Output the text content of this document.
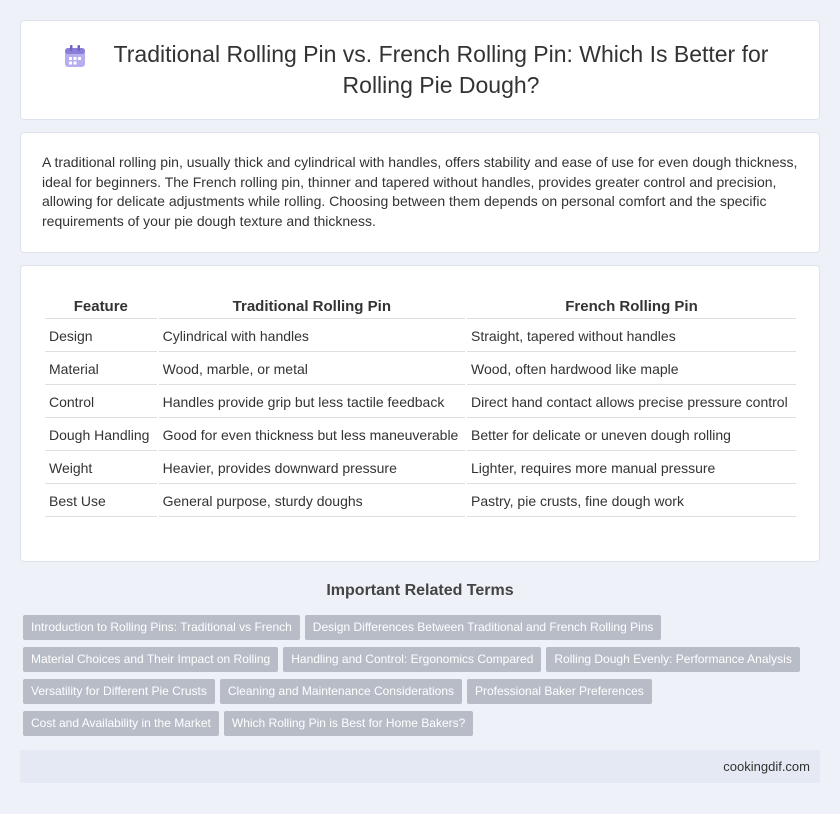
Traditional Rolling Pin vs. French Rolling Pin: Which Is Better for Rolling Pie Dough?

A traditional rolling pin, usually thick and cylindrical with handles, offers stability and ease of use for even dough thickness, ideal for beginners. The French rolling pin, thinner and tapered without handles, provides greater control and precision, allowing for delicate adjustments while rolling. Choosing between them depends on personal comfort and the specific requirements of your pie dough texture and thickness.

Feature	Traditional Rolling Pin	French Rolling Pin
Design	Cylindrical with handles	Straight, tapered without handles
Material	Wood, marble, or metal	Wood, often hardwood like maple
Control	Handles provide grip but less tactile feedback	Direct hand contact allows precise pressure control
Dough Handling	Good for even thickness but less maneuverable	Better for delicate or uneven dough rolling
Weight	Heavier, provides downward pressure	Lighter, requires more manual pressure
Best Use	General purpose, sturdy doughs	Pastry, pie crusts, fine dough work
Important Related Terms
Introduction to Rolling Pins: Traditional vs French Design Differences Between Traditional and French Rolling Pins
Material Choices and Their Impact on Rolling Handling and Control: Ergonomics Compared Rolling Dough Evenly: Performance Analysis
Versatility for Different Pie Crusts Cleaning and Maintenance Considerations Professional Baker Preferences
Cost and Availability in the Market Which Rolling Pin is Best for Home Bakers?
cookingdif.com
